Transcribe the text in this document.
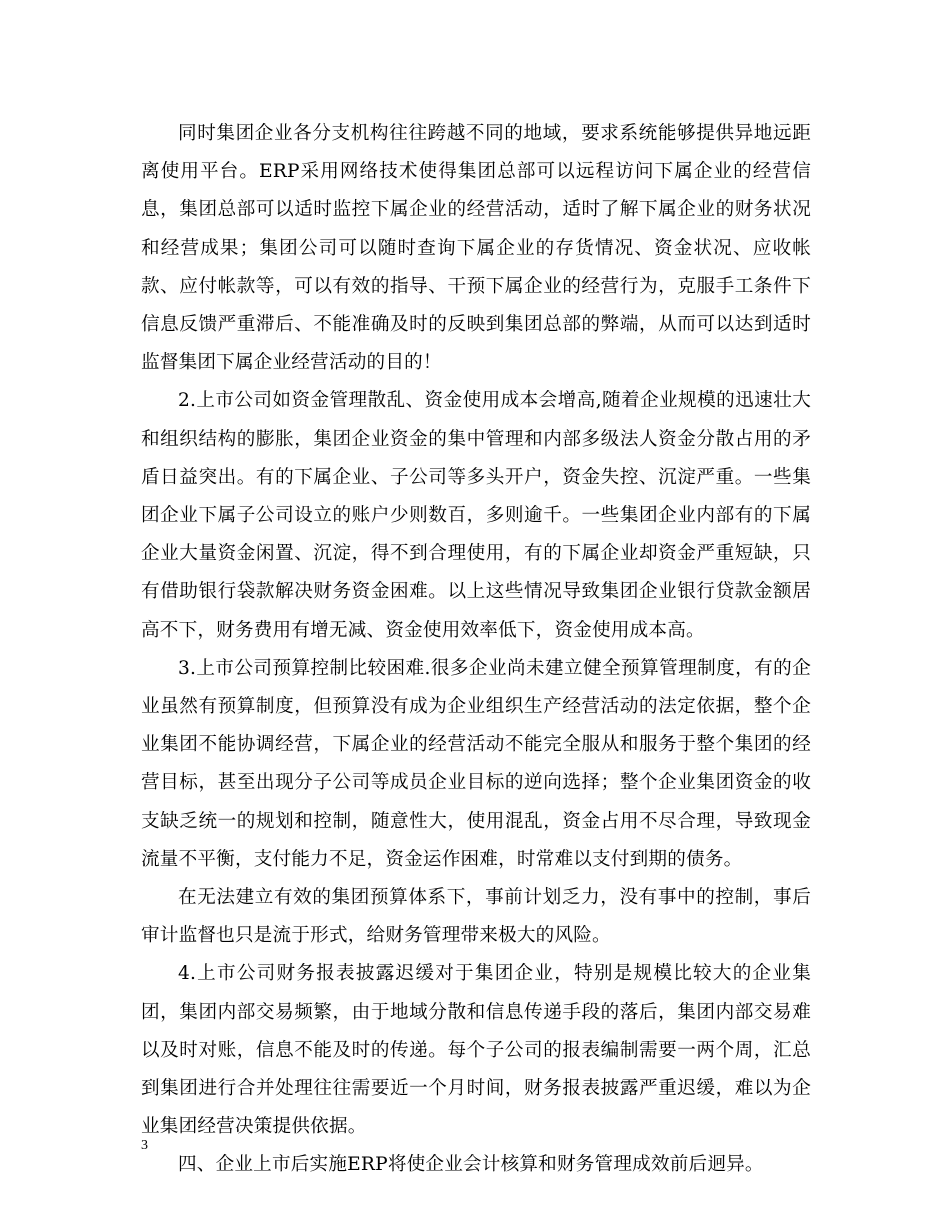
同时集团企业各分支机构往往跨越不同的地域，要求系统能够提供异地远距离使用平台。ERP采用网络技术使得集团总部可以远程访问下属企业的经营信息，集团总部可以适时监控下属企业的经营活动，适时了解下属企业的财务状况和经营成果；集团公司可以随时查询下属企业的存货情况、资金状况、应收帐款、应付帐款等，可以有效的指导、干预下属企业的经营行为，克服手工条件下信息反馈严重滞后、不能准确及时的反映到集团总部的弊端，从而可以达到适时监督集团下属企业经营活动的目的！

2.上市公司如资金管理散乱、资金使用成本会增高,随着企业规模的迅速壮大和组织结构的膨胀，集团企业资金的集中管理和内部多级法人资金分散占用的矛盾日益突出。有的下属企业、子公司等多头开户，资金失控、沉淀严重。一些集团企业下属子公司设立的账户少则数百，多则逾千。一些集团企业内部有的下属企业大量资金闲置、沉淀，得不到合理使用，有的下属企业却资金严重短缺，只有借助银行袋款解决财务资金困难。以上这些情况导致集团企业银行贷款金额居高不下，财务费用有增无减、资金使用效率低下，资金使用成本高。

3.上市公司预算控制比较困难.很多企业尚未建立健全预算管理制度，有的企业虽然有预算制度，但预算没有成为企业组织生产经营活动的法定依据，整个企业集团不能协调经营，下属企业的经营活动不能完全服从和服务于整个集团的经营目标，甚至出现分子公司等成员企业目标的逆向选择；整个企业集团资金的收支缺乏统一的规划和控制，随意性大，使用混乱，资金占用不尽合理，导致现金流量不平衡，支付能力不足，资金运作困难，时常难以支付到期的债务。

在无法建立有效的集团预算体系下，事前计划乏力，没有事中的控制，事后审计监督也只是流于形式，给财务管理带来极大的风险。

4.上市公司财务报表披露迟缓对于集团企业，特别是规模比较大的企业集团，集团内部交易频繁，由于地域分散和信息传递手段的落后，集团内部交易难以及时对账，信息不能及时的传递。每个子公司的报表编制需要一两个周，汇总到集团进行合并处理往往需要近一个月时间，财务报表披露严重迟缓，难以为企业集团经营决策提供依据。

四、企业上市后实施ERP将使企业会计核算和财务管理成效前后迥异。

3
